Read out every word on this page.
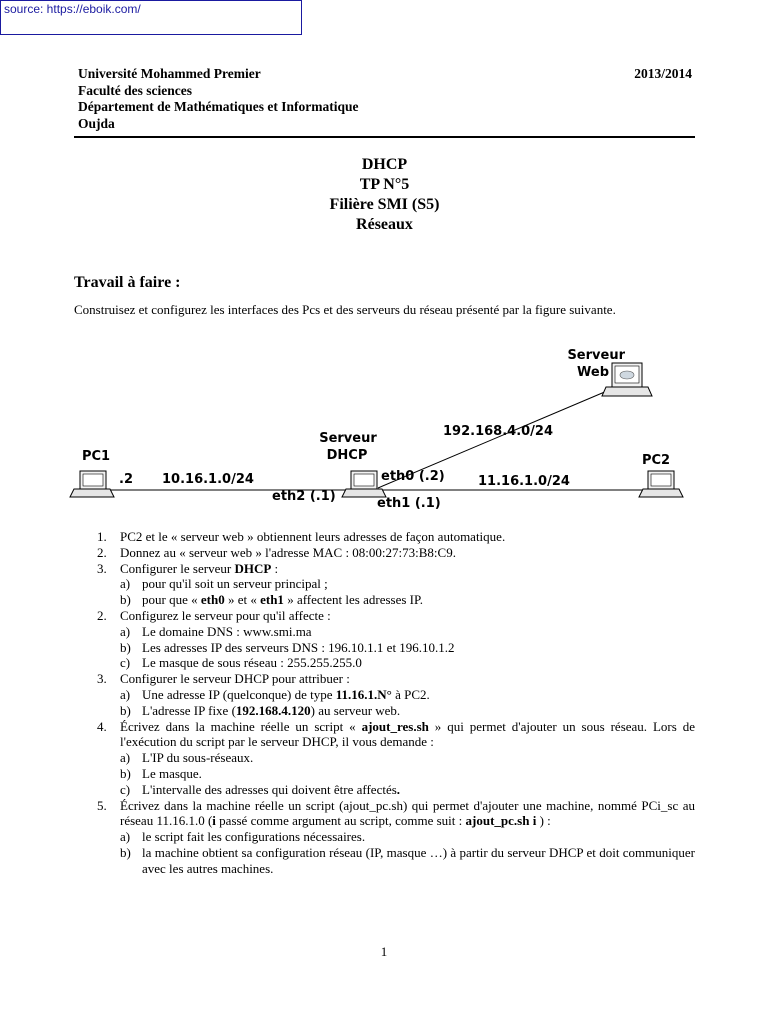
source: https://eboik.com/
Université Mohammed Premier
Faculté des sciences
Département de Mathématiques et Informatique
Oujda
2013/2014
DHCP
TP N°5
Filière SMI (S5)
Réseaux
Travail à faire :
Construisez et configurez les interfaces des Pcs et des serveurs du réseau présenté par la figure suivante.
PC1	PC2
Serveur
DHCP
Serveur
Web
.2 10.16.1.0/24
192.168.4.0/24
11.16.1.0/24
eth0 (.2)
eth1 (.1)
eth2 (.1)
1.	PC2 et le « serveur web » obtiennent leurs adresses de façon automatique.
2.	Donnez au « serveur web » l'adresse MAC : 08:00:27:73:B8:C9.
3.	Configurer le serveur DHCP :
a) pour qu'il soit un serveur principal ;
b) pour que « eth0 » et « eth1 » affectent les adresses IP.
2.	Configurez le serveur pour qu'il affecte :
a) Le domaine DNS : www.smi.ma
b) Les adresses IP des serveurs DNS : 196.10.1.1 et 196.10.1.2
c) Le masque de sous réseau : 255.255.255.0
3.	Configurer le serveur DHCP pour attribuer :
a) Une adresse IP (quelconque) de type 11.16.1.N° à PC2.
b) L'adresse IP fixe (192.168.4.120) au serveur web.
4.	Écrivez dans la machine réelle un script « ajout_res.sh » qui permet d'ajouter un sous réseau. Lors de l'exécution du script par le serveur DHCP, il vous demande :
a) L'IP du sous-réseaux.
b) Le masque.
c) L'intervalle des adresses qui doivent être affectés.
5.	Écrivez dans la machine réelle un script (ajout_pc.sh) qui permet d'ajouter une machine, nommé PCi_sc au réseau 11.16.1.0 (i passé comme argument au script, comme suit : ajout_pc.sh i ) :
a) le script fait les configurations nécessaires.
b) la machine obtient sa configuration réseau (IP, masque …) à partir du serveur DHCP et doit communiquer avec les autres machines.
1
